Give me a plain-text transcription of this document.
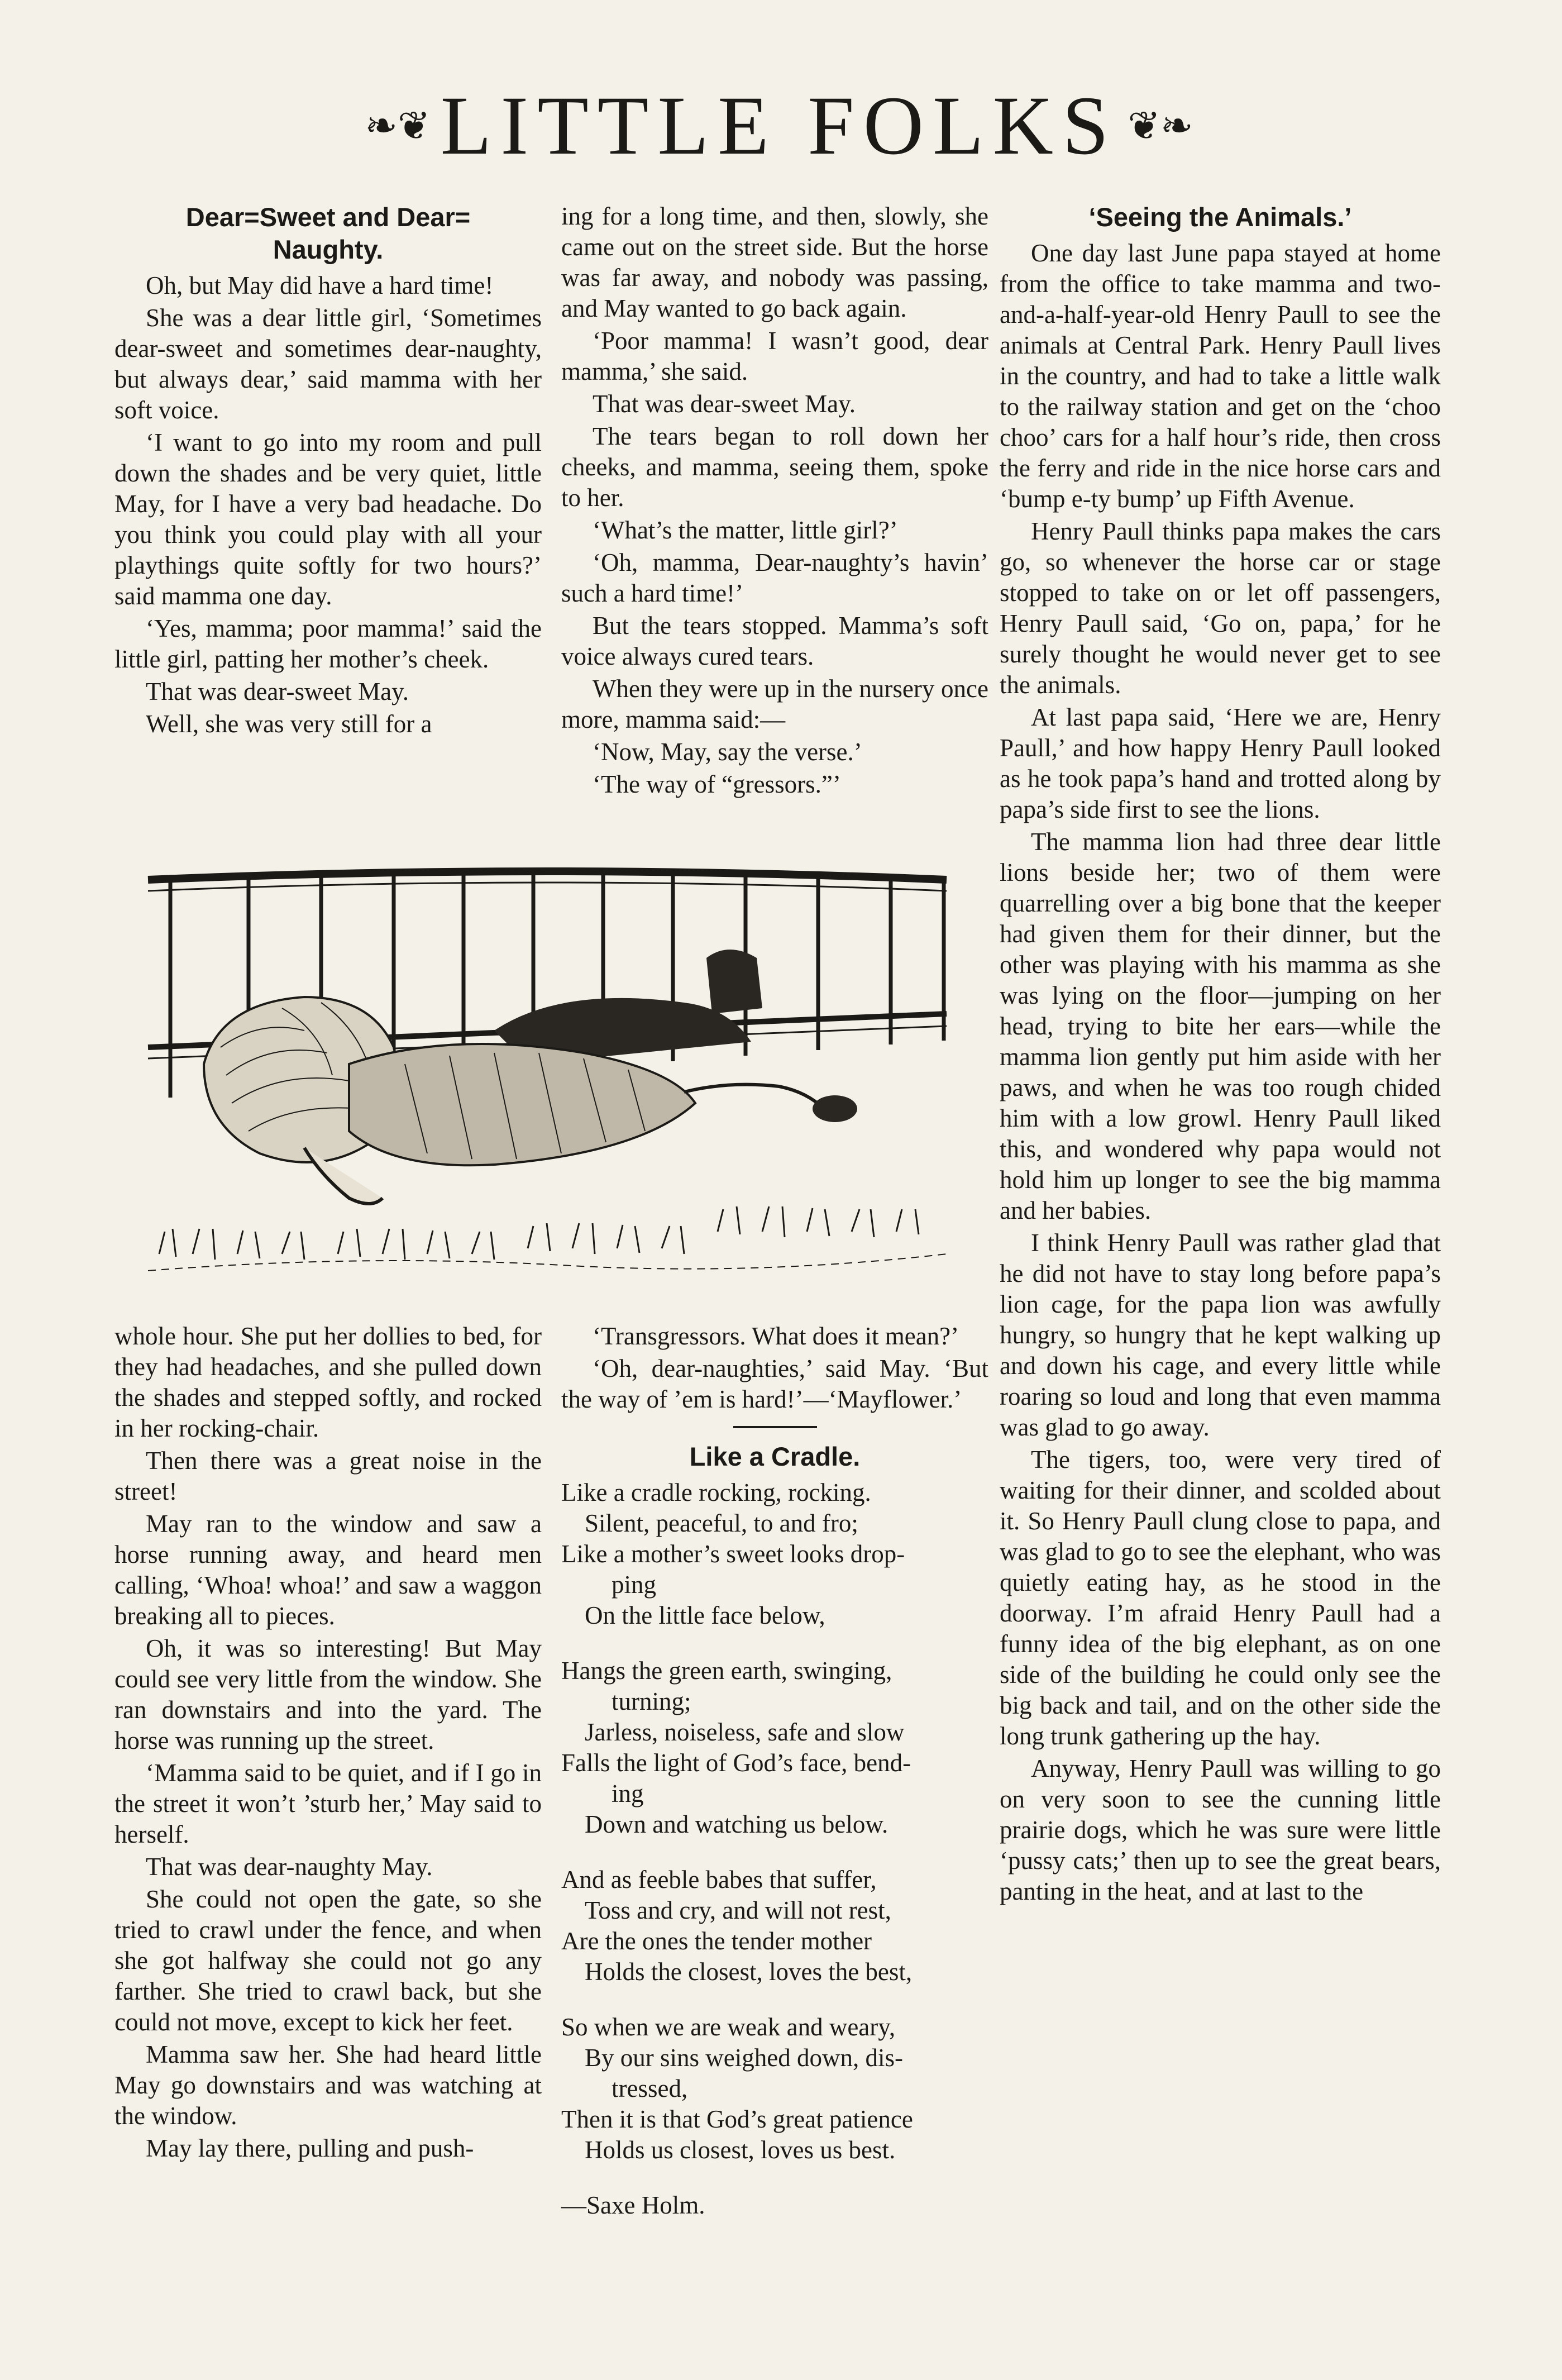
❧❦ LITTLE FOLKS ❦❧
Dear=Sweet and Dear=
Naughty.

Oh, but May did have a hard time!

She was a dear little girl, ‘Sometimes dear-sweet and sometimes dear-naughty, but always dear,’ said mamma with her soft voice.

‘I want to go into my room and pull down the shades and be very quiet, little May, for I have a very bad headache. Do you think you could play with all your playthings quite softly for two hours?’ said mamma one day.

‘Yes, mamma; poor mamma!’ said the little girl, patting her mother’s cheek.

That was dear-sweet May.

Well, she was very still for a

ing for a long time, and then, slowly, she came out on the street side. But the horse was far away, and nobody was passing, and May wanted to go back again.

‘Poor mamma! I wasn’t good, dear mamma,’ she said.

That was dear-sweet May.

The tears began to roll down her cheeks, and mamma, seeing them, spoke to her.

‘What’s the matter, little girl?’

‘Oh, mamma, Dear-naughty’s havin’ such a hard time!’

But the tears stopped. Mamma’s soft voice always cured tears.

When they were up in the nursery once more, mamma said:—

‘Now, May, say the verse.’

‘The way of “gressors.”’

whole hour. She put her dollies to bed, for they had headaches, and she pulled down the shades and stepped softly, and rocked in her rocking-chair.

Then there was a great noise in the street!

May ran to the window and saw a horse running away, and heard men calling, ‘Whoa! whoa!’ and saw a waggon breaking all to pieces.

Oh, it was so interesting! But May could see very little from the window. She ran downstairs and into the yard. The horse was running up the street.

‘Mamma said to be quiet, and if I go in the street it won’t ’sturb her,’ May said to herself.

That was dear-naughty May.

She could not open the gate, so she tried to crawl under the fence, and when she got halfway she could not go any farther. She tried to crawl back, but she could not move, except to kick her feet.

Mamma saw her. She had heard little May go downstairs and was watching at the window.

May lay there, pulling and push-

‘Transgressors. What does it mean?’

‘Oh, dear-naughties,’ said May. ‘But the way of ’em is hard!’—‘Mayflower.’

Like a Cradle.
Like a cradle rocking, rocking.
Silent, peaceful, to and fro;
Like a mother’s sweet looks drop-
ping
On the little face below,
Hangs the green earth, swinging,
turning;
Jarless, noiseless, safe and slow
Falls the light of God’s face, bend-
ing
Down and watching us below.
And as feeble babes that suffer,
Toss and cry, and will not rest,
Are the ones the tender mother
Holds the closest, loves the best,
So when we are weak and weary,
By our sins weighed down, dis-
tressed,
Then it is that God’s great patience
Holds us closest, loves us best.
—Saxe Holm.
‘Seeing the Animals.’

One day last June papa stayed at home from the office to take mamma and two-and-a-half-year-old Henry Paull to see the animals at Central Park. Henry Paull lives in the country, and had to take a little walk to the railway station and get on the ‘choo choo’ cars for a half hour’s ride, then cross the ferry and ride in the nice horse cars and ‘bump e-ty bump’ up Fifth Avenue.

Henry Paull thinks papa makes the cars go, so whenever the horse car or stage stopped to take on or let off passengers, Henry Paull said, ‘Go on, papa,’ for he surely thought he would never get to see the animals.

At last papa said, ‘Here we are, Henry Paull,’ and how happy Henry Paull looked as he took papa’s hand and trotted along by papa’s side first to see the lions.

The mamma lion had three dear little lions beside her; two of them were quarrelling over a big bone that the keeper had given them for their dinner, but the other was playing with his mamma as she was lying on the floor—jumping on her head, trying to bite her ears—while the mamma lion gently put him aside with her paws, and when he was too rough chided him with a low growl. Henry Paull liked this, and wondered why papa would not hold him up longer to see the big mamma and her babies.

I think Henry Paull was rather glad that he did not have to stay long before papa’s lion cage, for the papa lion was awfully hungry, so hungry that he kept walking up and down his cage, and every little while roaring so loud and long that even mamma was glad to go away.

The tigers, too, were very tired of waiting for their dinner, and scolded about it. So Henry Paull clung close to papa, and was glad to go to see the elephant, who was quietly eating hay, as he stood in the doorway. I’m afraid Henry Paull had a funny idea of the big elephant, as on one side of the building he could only see the big back and tail, and on the other side the long trunk gathering up the hay.

Anyway, Henry Paull was willing to go on very soon to see the cunning little prairie dogs, which he was sure were little ‘pussy cats;’ then up to see the great bears, panting in the heat, and at last to the
